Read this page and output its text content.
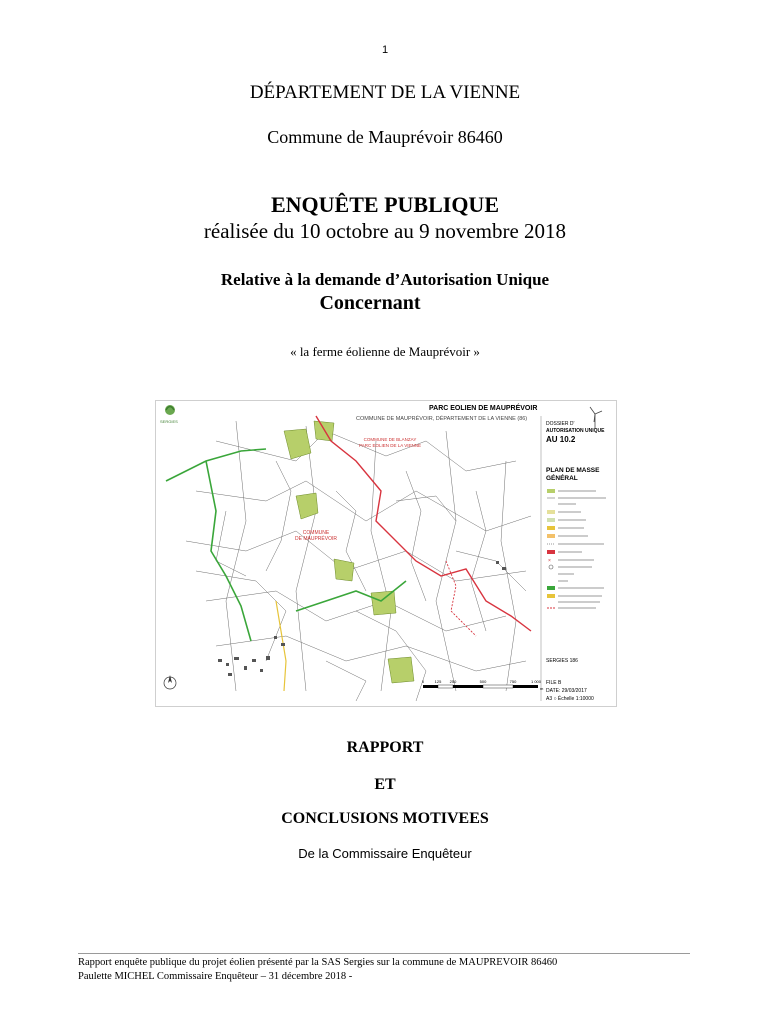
1
DÉPARTEMENT DE LA VIENNE
Commune de Mauprévoir 86460
ENQUÊTE PUBLIQUE
réalisée du 10 octobre au 9 novembre 2018
Relative à la demande d’Autorisation Unique
Concernant
« la ferme éolienne de Mauprévoir »
SERGIES
PARC EOLIEN DE MAUPRÉVOIR
COMMUNE DE MAUPRÉVOIR, DÉPARTEMENT DE LA VIENNE (86)
DOSSIER D'
AUTORISATION UNIQUE
AU 10.2
PLAN DE MASSE
GÉNÉRAL
×
SERGIES 186
FILE B
DATE: 29/03/2017
A3 ○ Échelle 1:10000
COMMUNE
DE MAUPRÉVOIR
COMMUNE DE BLANZAY
PARC EOLIEN DE LA VIENNE
0	125 250	500	750	1 000
m
RAPPORT
ET
CONCLUSIONS MOTIVEES
De la Commissaire Enquêteur
Rapport enquête publique du projet éolien présenté par la SAS Sergies sur la commune de MAUPREVOIR 86460
Paulette MICHEL Commissaire Enquêteur – 31 décembre 2018 -
